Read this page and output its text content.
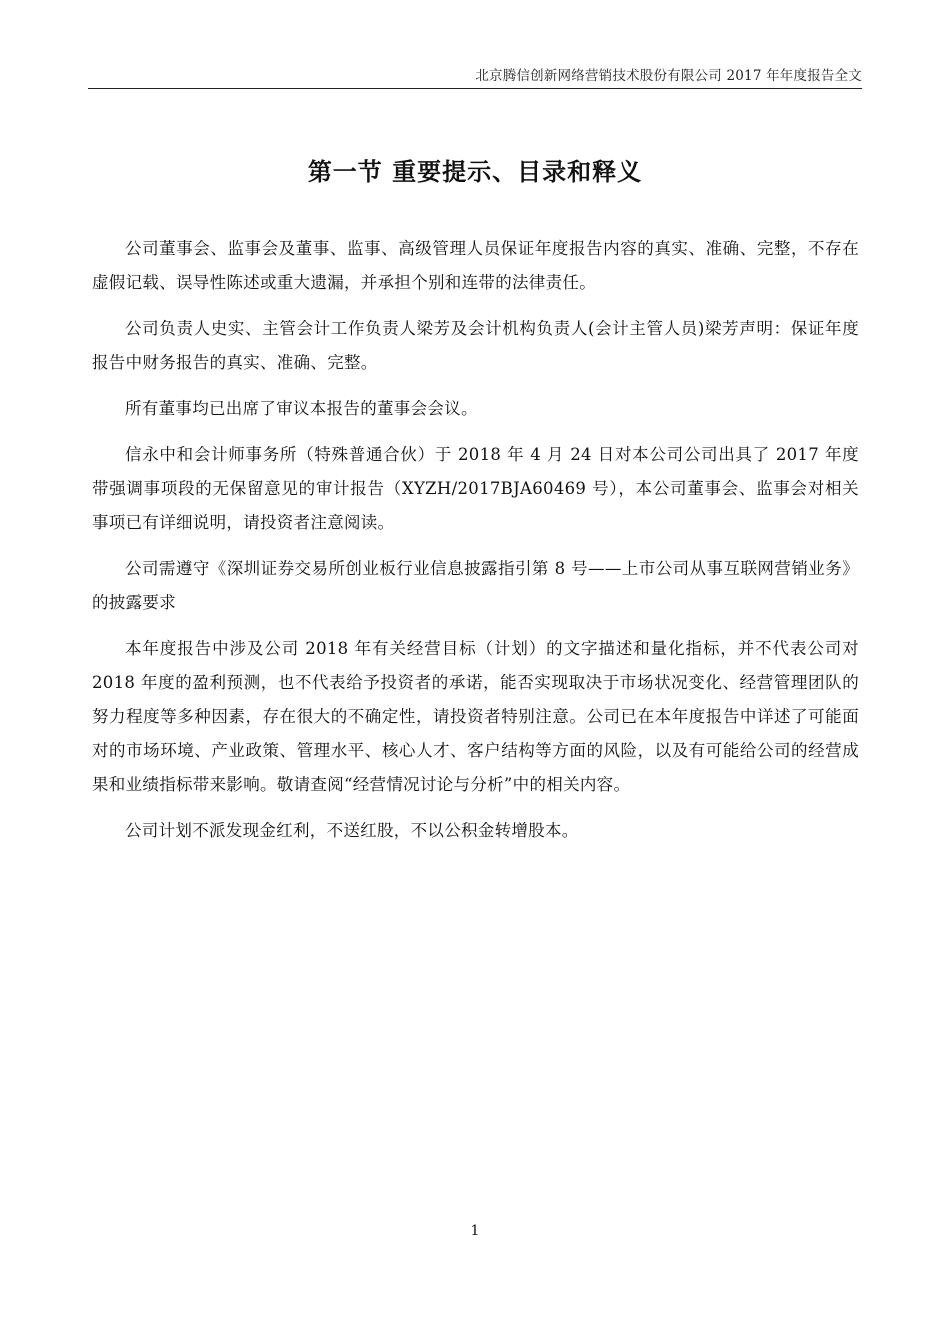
北京腾信创新网络营销技术股份有限公司 2017 年年度报告全文
第一节 重要提示、目录和释义

公司董事会、监事会及董事、监事、高级管理人员保证年度报告内容的真实、准确、完整，不存在虚假记载、误导性陈述或重大遗漏，并承担个别和连带的法律责任。

公司负责人史实、主管会计工作负责人梁芳及会计机构负责人(会计主管人员)梁芳声明：保证年度报告中财务报告的真实、准确、完整。

所有董事均已出席了审议本报告的董事会会议。

信永中和会计师事务所（特殊普通合伙）于 2018 年 4 月 24 日对本公司公司出具了 2017 年度带强调事项段的无保留意见的审计报告（XYZH/2017BJA60469 号），本公司董事会、监事会对相关事项已有详细说明，请投资者注意阅读。

公司需遵守《深圳证券交易所创业板行业信息披露指引第 8 号——上市公司从事互联网营销业务》的披露要求

本年度报告中涉及公司 2018 年有关经营目标（计划）的文字描述和量化指标，并不代表公司对 2018 年度的盈利预测，也不代表给予投资者的承诺，能否实现取决于市场状况变化、经营管理团队的努力程度等多种因素，存在很大的不确定性，请投资者特别注意。公司已在本年度报告中详述了可能面对的市场环境、产业政策、管理水平、核心人才、客户结构等方面的风险，以及有可能给公司的经营成果和业绩指标带来影响。敬请查阅“经营情况讨论与分析”中的相关内容。

公司计划不派发现金红利，不送红股，不以公积金转增股本。

1
